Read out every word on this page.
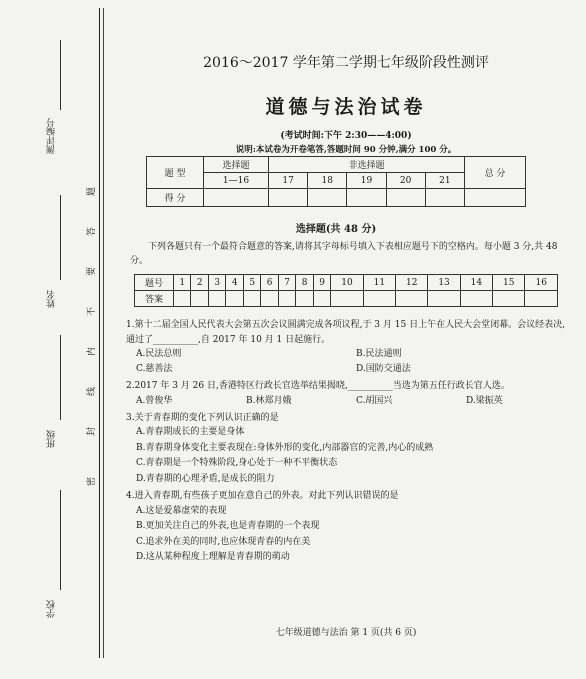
测评编号
姓名
班级
学校
密
封
线
内
不
要
答
题
2016～2017 学年第二学期七年级阶段性测评
道德与法治试卷
(考试时间:下午 2:30——4:00)
说明:本试卷为开卷笔答,答题时间 90 分钟,满分 100 分。
题 型	选择题	非选择题					总 分
	1—16	17	18	19	20	21	
得 分							
选择题(共 48 分)
下列各题只有一个最符合题意的答案,请将其字母标号填入下表相应题号下的空格内。每小题 3 分,共 48 分。
题号	1	2	3	4	5	6	7	8	9	10	11	12	13	14	15	16
答案																
1.第十二届全国人民代表大会第五次会议圆满完成各项议程,于 3 月 15 日上午在人民大会堂闭幕。会议经表决,通过了__________,自 2017 年 10 月 1 日起施行。
A.民法总则	B.民法通则
C.慈善法	D.国防交通法
2.2017 年 3 月 26 日,香港特区行政长官选举结果揭晓,__________当选为第五任行政长官人选。
A.曾俊华	B.林郑月娥	C.胡国兴	D.梁振英
3.关于青春期的变化下列认识正确的是
A.青春期成长的主要是身体
B.青春期身体变化主要表现在:身体外形的变化,内部器官的完善,内心的成熟
C.青春期是一个特殊阶段,身心处于一种不平衡状态
D.青春期的心理矛盾,是成长的阻力
4.进入青春期,有些孩子更加在意自己的外表。对此下列认识错误的是
A.这是爱慕虚荣的表现
B.更加关注自己的外表,也是青春期的一个表现
C.追求外在美的同时,也应体现青春的内在美
D.这从某种程度上理解是青春期的萌动
七年级道德与法治 第 1 页(共 6 页)
